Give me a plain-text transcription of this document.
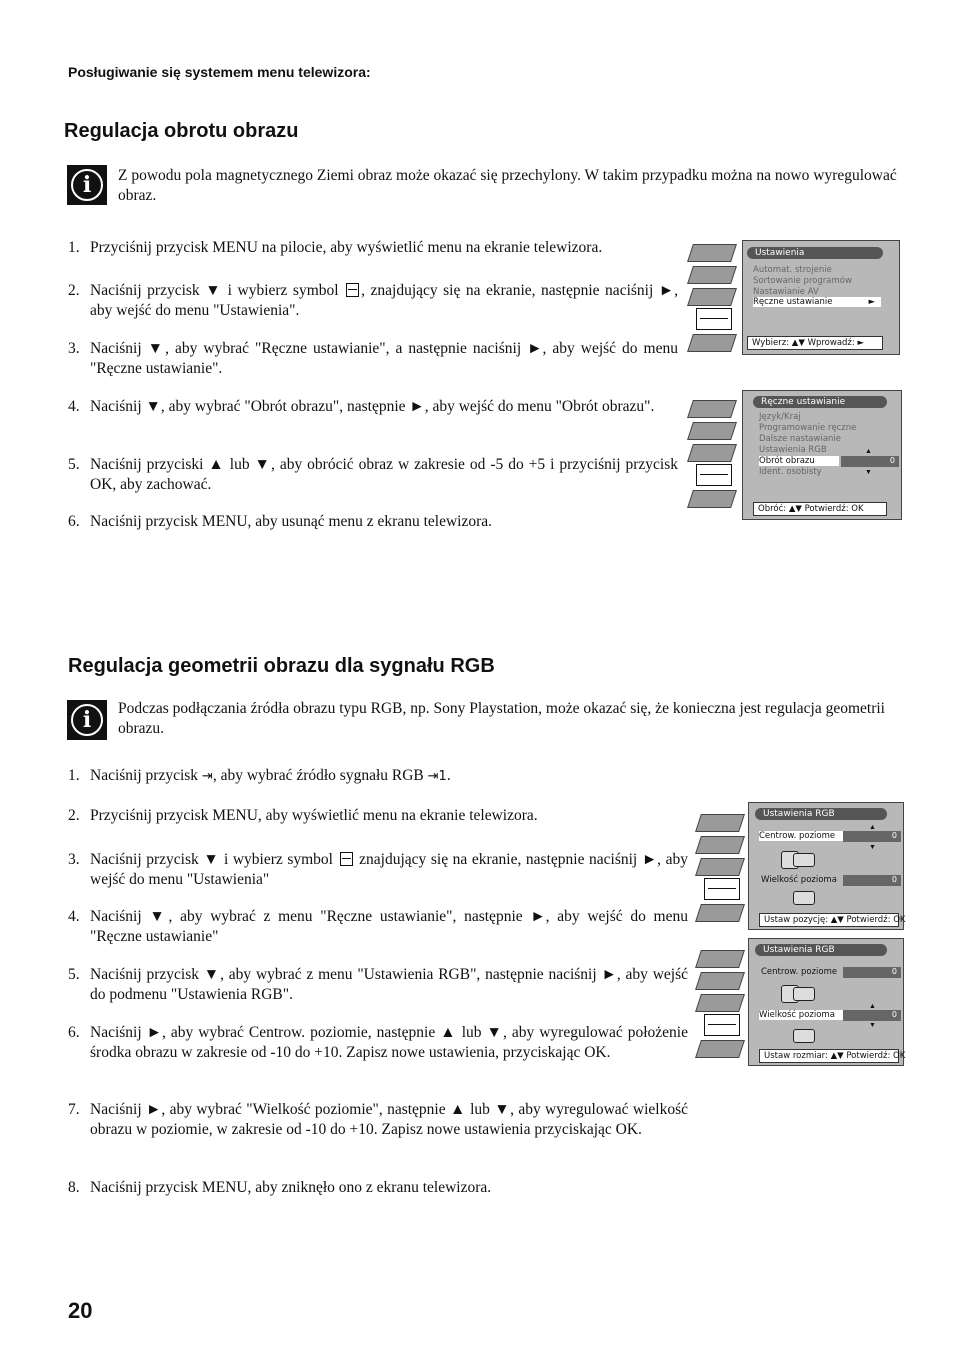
Posługiwanie się systemem menu telewizora:
Regulacja obrotu obrazu
i	Z powodu pola magnetycznego Ziemi obraz może okazać się przechylony. W takim przypadku można na nowo wyregulować obraz.
1. Przyciśnij przycisk MENU na pilocie, aby wyświetlić menu na ekranie telewizora.
2. Naciśnij przycisk ▼ i wybierz symbol , znajdujący się na ekranie, następnie naciśnij ►, aby wejść do menu "Ustawienia".
3. Naciśnij ▼, aby wybrać "Ręczne ustawianie", a następnie naciśnij ►, aby wejść do menu "Ręczne ustawianie".
4. Naciśnij ▼, aby wybrać "Obrót obrazu", następnie ►, aby wejść do menu "Obrót obrazu".
5. Naciśnij przyciski ▲ lub ▼, aby obrócić obraz w zakresie od -5 do +5 i przyciśnij przycisk OK, aby zachować.
6. Naciśnij przycisk MENU, aby usunąć menu z ekranu telewizora.
Ustawienia
Automat. strojenie
Sortowanie programów
Nastawianie AV
Ręczne ustawianie	►
Wybierz: ▲▼ Wprowadź: ►
Ręczne ustawianie
Język/Kraj
Programowanie ręczne
Dalsze nastawianie
Ustawienia RGB	▲
Obrót obrazu	0
Ident. osobisty	▼
Obróć: ▲▼ Potwierdź: OK
Regulacja geometrii obrazu dla sygnału RGB
i	Podczas podłączania źródła obrazu typu RGB, np. Sony Playstation, może okazać się, że konieczna jest regulacja geometrii obrazu.
1. Naciśnij przycisk ⇥, aby wybrać źródło sygnału RGB ⇥1.
2. Przyciśnij przycisk MENU, aby wyświetlić menu na ekranie telewizora.
3. Naciśnij przycisk ▼ i wybierz symbol znajdujący się na ekranie, następnie naciśnij ►, aby wejść do menu "Ustawienia"
4. Naciśnij ▼, aby wybrać z menu "Ręczne ustawianie", następnie ►, aby wejść do menu "Ręczne ustawianie"
5. Naciśnij przycisk ▼, aby wybrać z menu "Ustawienia RGB", następnie naciśnij ►, aby wejść do podmenu "Ustawienia RGB".
6. Naciśnij ►, aby wybrać Centrow. poziomie, następnie ▲ lub ▼, aby wyregulować położenie środka obrazu w zakresie od -10 do +10. Zapisz nowe ustawienia, przyciskając OK.
7. Naciśnij ►, aby wybrać "Wielkość poziomie", następnie ▲ lub ▼, aby wyregulować wielkość obrazu w poziomie, w zakresie od -10 do +10. Zapisz nowe ustawienia przyciskając OK.
8. Naciśnij przycisk MENU, aby zniknęło ono z ekranu telewizora.
Ustawienia RGB
▲
Centrow. poziome	0
▼
Wielkość pozioma	0
Ustaw pozycję: ▲▼ Potwierdź: OK
Ustawienia RGB
Centrow. poziome	0
▲
Wielkość pozioma	0
▼
Ustaw rozmiar: ▲▼ Potwierdź: OK
20
